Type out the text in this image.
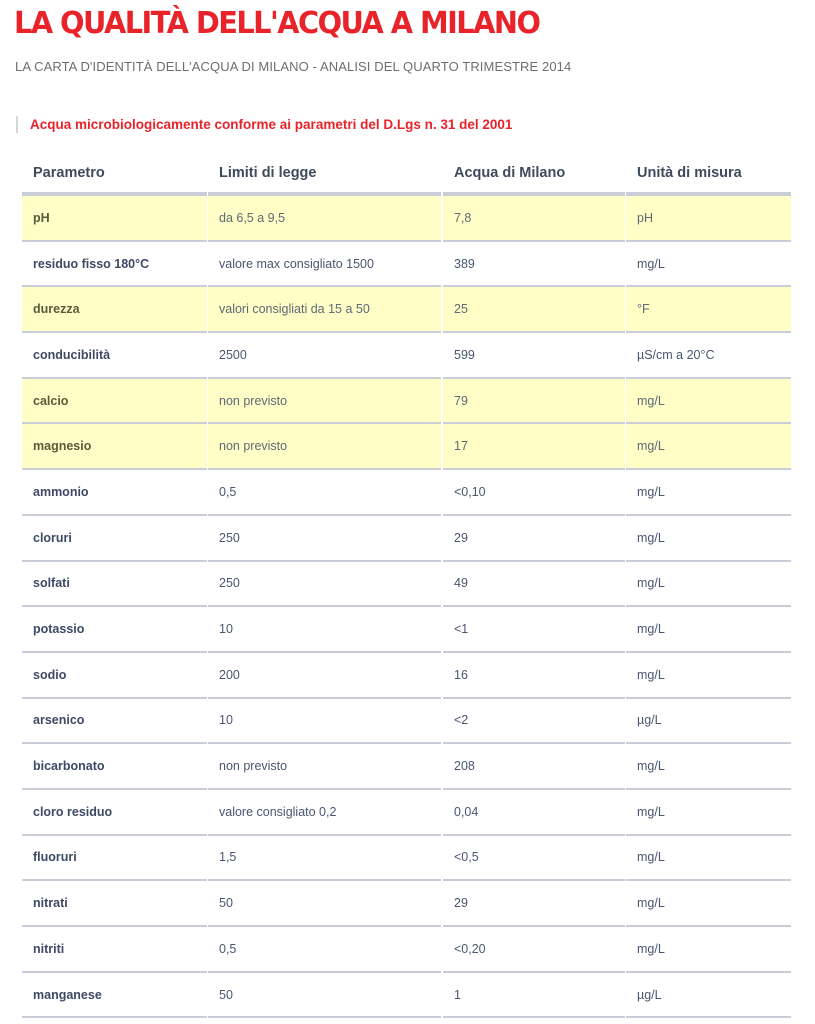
LA QUALITÀ DELL'ACQUA A MILANO

LA CARTA D'IDENTITÀ DELL'ACQUA DI MILANO - ANALISI DEL QUARTO TRIMESTRE 2014

Acqua microbiologicamente conforme ai parametri del D.Lgs n. 31 del 2001
Parametro	Limiti di legge	Acqua di Milano	Unità di misura
pH	da 6,5 a 9,5	7,8	pH
residuo fisso 180°C	valore max consigliato 1500	389	mg/L
durezza	valori consigliati da 15 a 50	25	°F
conducibilità	2500	599	µS/cm a 20°C
calcio	non previsto	79	mg/L
magnesio	non previsto	17	mg/L
ammonio	0,5	<0,10	mg/L
cloruri	250	29	mg/L
solfati	250	49	mg/L
potassio	10	<1	mg/L
sodio	200	16	mg/L
arsenico	10	<2	µg/L
bicarbonato	non previsto	208	mg/L
cloro residuo	valore consigliato 0,2	0,04	mg/L
fluoruri	1,5	<0,5	mg/L
nitrati	50	29	mg/L
nitriti	0,5	<0,20	mg/L
manganese	50	1	µg/L
